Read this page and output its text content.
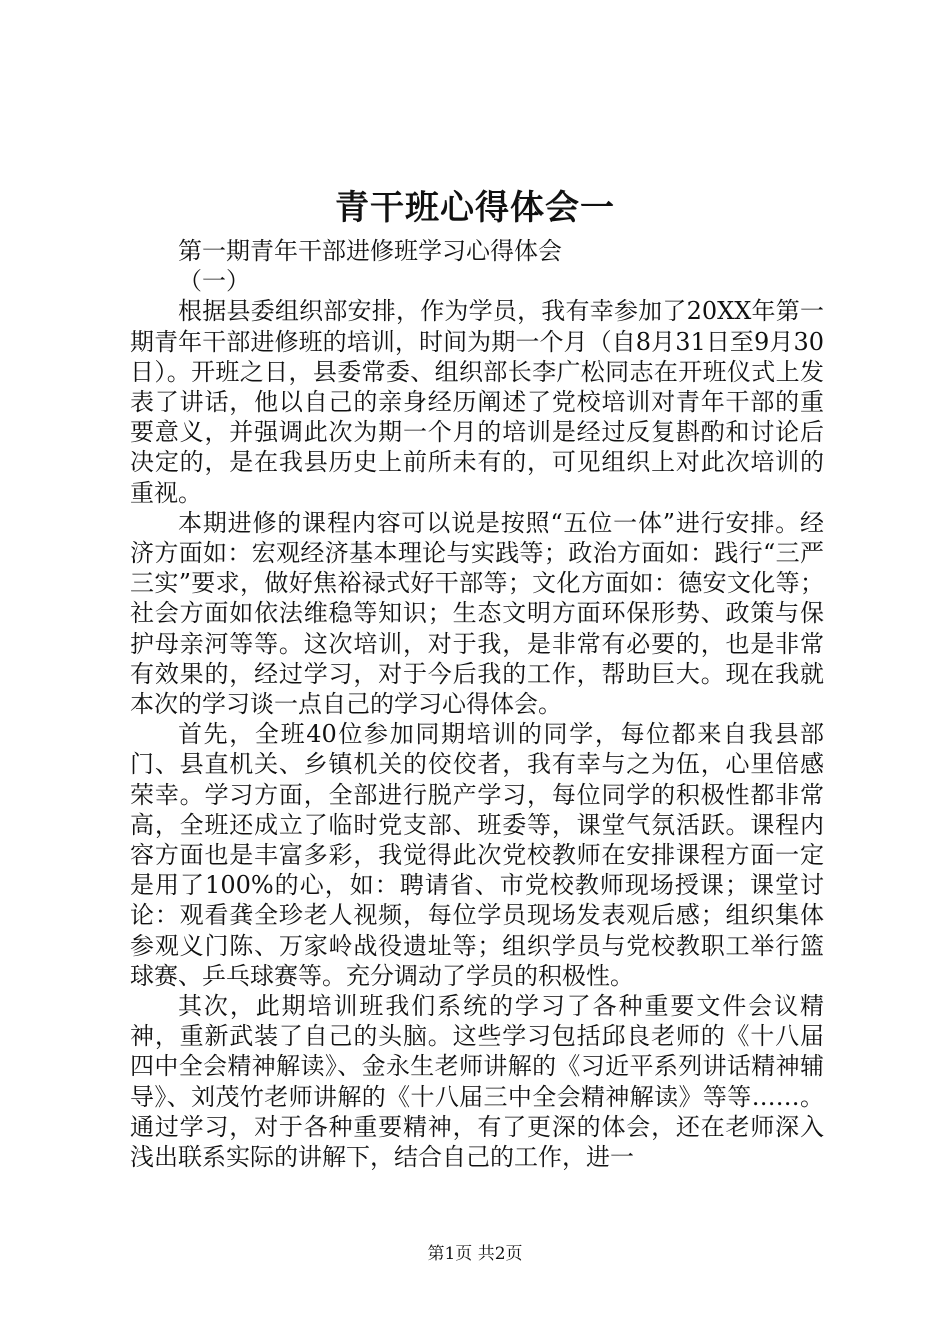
青干班心得体会一

第一期青年干部进修班学习心得体会

（一）

根据县委组织部安排，作为学员，我有幸参加了20XX年第一期青年干部进修班的培训，时间为期一个月（自8月31日至9月30日）。开班之日，县委常委、组织部长李广松同志在开班仪式上发表了讲话，他以自己的亲身经历阐述了党校培训对青年干部的重要意义，并强调此次为期一个月的培训是经过反复斟酌和讨论后决定的，是在我县历史上前所未有的，可见组织上对此次培训的重视。

本期进修的课程内容可以说是按照“五位一体”进行安排。经济方面如：宏观经济基本理论与实践等；政治方面如：践行“三严三实”要求，做好焦裕禄式好干部等；文化方面如：德安文化等；社会方面如依法维稳等知识；生态文明方面环保形势、政策与保护母亲河等等。这次培训，对于我，是非常有必要的，也是非常有效果的，经过学习，对于今后我的工作，帮助巨大。现在我就本次的学习谈一点自己的学习心得体会。

首先，全班40位参加同期培训的同学，每位都来自我县部门、县直机关、乡镇机关的佼佼者，我有幸与之为伍，心里倍感荣幸。学习方面，全部进行脱产学习，每位同学的积极性都非常高，全班还成立了临时党支部、班委等，课堂气氛活跃。课程内容方面也是丰富多彩，我觉得此次党校教师在安排课程方面一定是用了100%的心，如：聘请省、市党校教师现场授课；课堂讨论：观看龚全珍老人视频，每位学员现场发表观后感；组织集体参观义门陈、万家岭战役遗址等；组织学员与党校教职工举行篮球赛、乒乓球赛等。充分调动了学员的积极性。

其次，此期培训班我们系统的学习了各种重要文件会议精神，重新武装了自己的头脑。这些学习包括邱良老师的《十八届四中全会精神解读》、金永生老师讲解的《习近平系列讲话精神辅导》、刘茂竹老师讲解的《十八届三中全会精神解读》等等……。通过学习，对于各种重要精神，有了更深的体会，还在老师深入浅出联系实际的讲解下，结合自己的工作，进一

第1页 共2页
